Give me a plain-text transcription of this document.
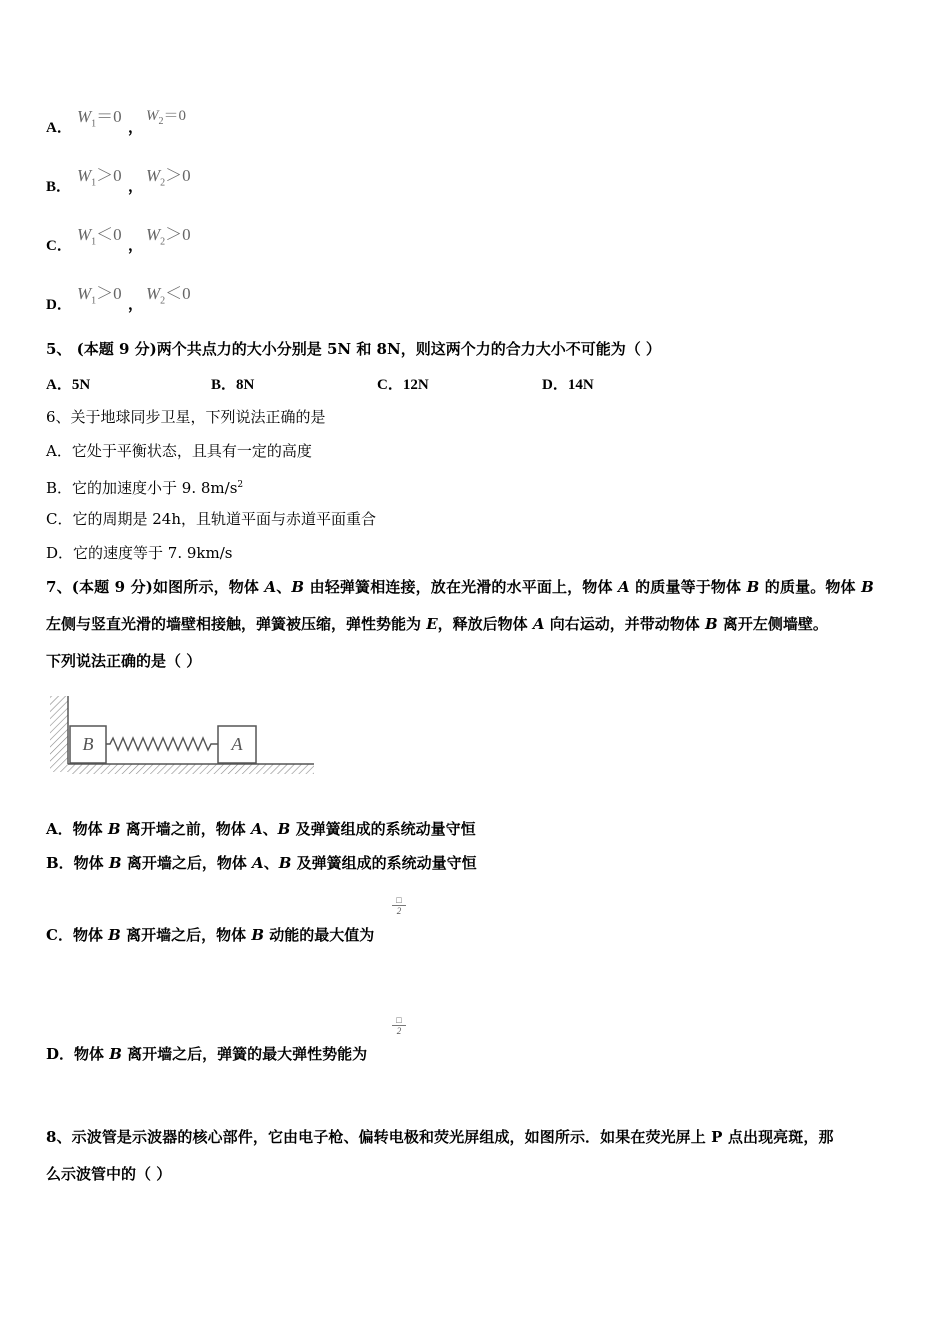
A．
$W_1=0$
，
$W_2=0$
B．
$W_1>0$
，
$W_2>0$
C．
$W_1<0$
，
$W_2>0$
D．
$W_1>0$
，
$W_2<0$
5、 (本题 9 分)两个共点力的大小分别是 5N 和 8N，则这两个力的合力大小不可能为（ ）
A．5N	B．8N	C．12N	D．14N
6、关于地球同步卫星，下列说法正确的是
A．它处于平衡状态，且具有一定的高度
B．它的加速度小于 9. $8m/s^2$
C．它的周期是 24h，且轨道平面与赤道平面重合
D．它的速度等于 7. 9km/s
7、(本题 9 分)如图所示，物体 A、B 由轻弹簧相连接，放在光滑的水平面上，物体 A 的质量等于物体 B 的质量。物体 B
左侧与竖直光滑的墙壁相接触，弹簧被压缩，弹性势能为 E，释放后物体 A 向右运动，并带动物体 B 离开左侧墙壁。
下列说法正确的是（ ）
B	A
A．物体 B 离开墙之前，物体 A、B 及弹簧组成的系统动量守恒
B．物体 B 离开墙之后，物体 A、B 及弹簧组成的系统动量守恒
C．物体 B 离开墙之后，物体 B 动能的最大值为
□
2
D．物体 B 离开墙之后，弹簧的最大弹性势能为
□
2
8、示波管是示波器的核心部件，它由电子枪、偏转电极和荧光屏组成，如图所示．如果在荧光屏上 P 点出现亮斑，那
么示波管中的（ ）
